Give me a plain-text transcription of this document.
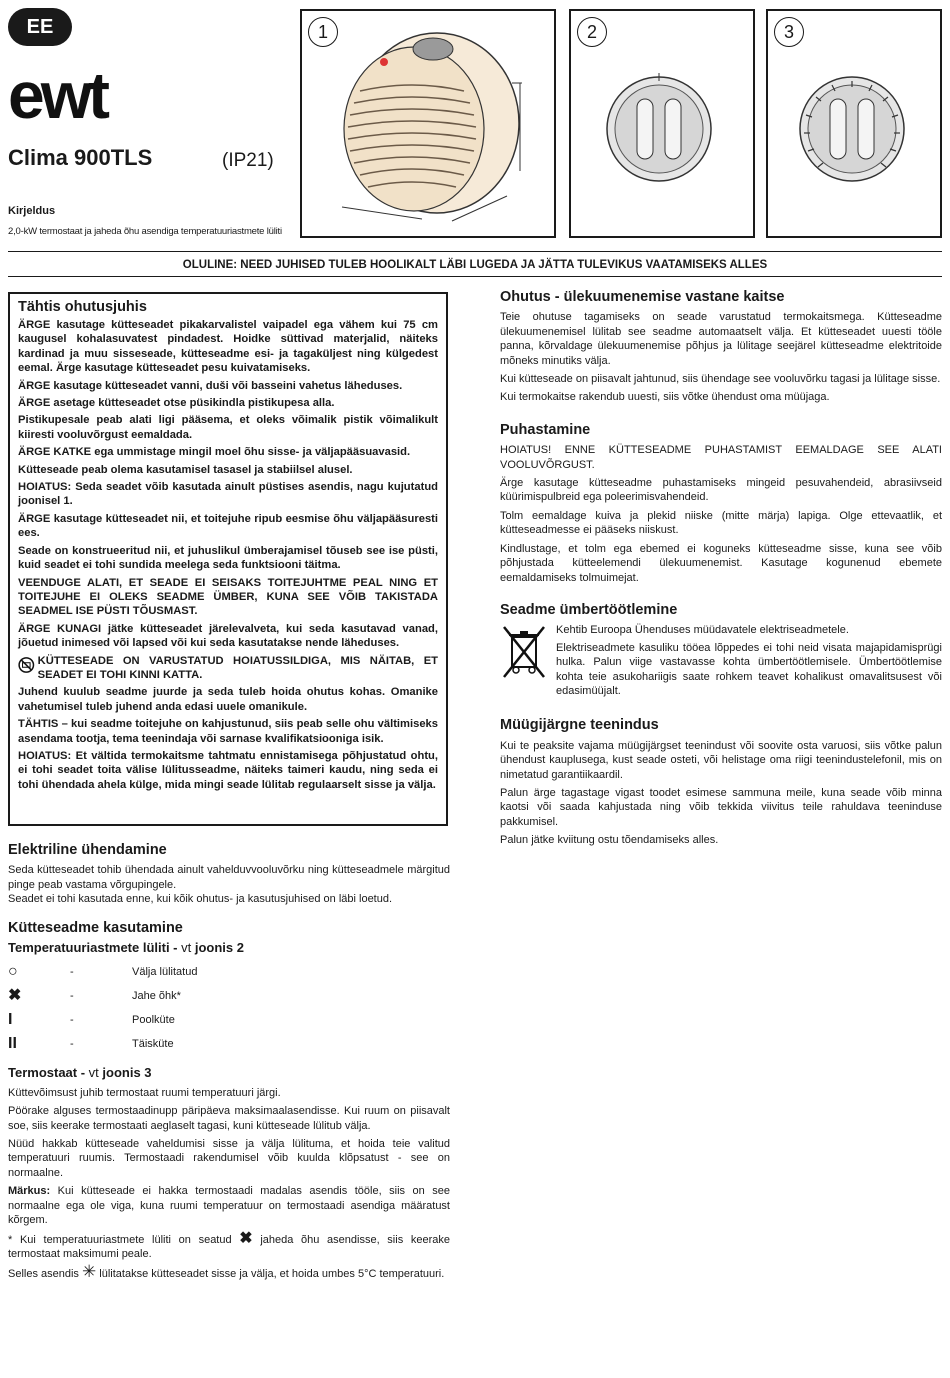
EE
ewt
Clima 900TLS	(IP21)
Kirjeldus
2,0-kW termostaat ja jaheda õhu asendiga temperatuuriastmete lüliti
1	2	3
OLULINE: NEED JUHISED TULEB HOOLIKALT LÄBI LUGEDA JA JÄTTA TULEVIKUS VAATAMISEKS ALLES
Tähtis ohutusjuhis

ÄRGE kasutage kütteseadet pikakarvalistel vaipadel ega vähem kui 75 cm kaugusel kohalasuvatest pindadest. Hoidke süttivad materjalid, näiteks kardinad ja muu sisseseade, kütteseadme esi- ja tagaküljest ning külgedest eemal. Ärge kasutage kütteseadet pesu kuivatamiseks.

ÄRGE kasutage kütteseadet vanni, duši või basseini vahetus läheduses.

ÄRGE asetage kütteseadet otse püsikindla pistikupesa alla.

Pistikupesale peab alati ligi pääsema, et oleks võimalik pistik võimalikult kiiresti vooluvõrgust eemaldada.

ÄRGE KATKE ega ummistage mingil moel õhu sisse- ja väljapääsuavasid.

Kütteseade peab olema kasutamisel tasasel ja stabiilsel alusel.

HOIATUS: Seda seadet võib kasutada ainult püstises asendis, nagu kujutatud joonisel 1.

ÄRGE kasutage kütteseadet nii, et toitejuhe ripub eesmise õhu väljapääsuresti ees.

Seade on konstrueeritud nii, et juhuslikul ümberajamisel tõuseb see ise püsti, kuid seadet ei tohi sundida meelega seda funktsiooni täitma.

VEENDUGE ALATI, ET SEADE EI SEISAKS TOITEJUHTME PEAL NING ET TOITEJUHE EI OLEKS SEADME ÜMBER, KUNA SEE VÕIB TAKISTADA SEADMEL ISE PÜSTI TÕUSMAST.

ÄRGE KUNAGI jätke kütteseadet järelevalveta, kui seda kasutavad vanad, jõuetud inimesed või lapsed või kui seda kasutatakse nende läheduses.

KÜTTESEADE ON VARUSTATUD HOIATUSSILDIGA, MIS NÄITAB, ET SEADET EI TOHI KINNI KATTA.

Juhend kuulub seadme juurde ja seda tuleb hoida ohutus kohas. Omanike vahetumisel tuleb juhend anda edasi uuele omanikule.

TÄHTIS – kui seadme toitejuhe on kahjustunud, siis peab selle ohu vältimiseks asendama tootja, tema teenindaja või sarnase kvalifikatsiooniga isik.

HOIATUS: Et vältida termokaitsme tahtmatu ennistamisega põhjustatud ohtu, ei tohi seadet toita välise lülitusseadme, näiteks taimeri kaudu, ning seda ei tohi ühendada ahela külge, mida mingi seade lülitab regulaarselt sisse ja välja.

Elektriline ühendamine

Seda kütteseadet tohib ühendada ainult vahelduvvooluvõrku ning kütteseadmele märgitud pinge peab vastama võrgupingele.

Seadet ei tohi kasutada enne, kui kõik ohutus- ja kasutusjuhised on läbi loetud.

Kütteseadme kasutamine
Temperatuuriastmete lüliti - vt joonis 2
○	-	Välja lülitatud
✖	-	Jahe õhk*
I	-	Poolküte
II	-	Täisküte
Termostaat - vt joonis 3

Küttevõimsust juhib termostaat ruumi temperatuuri järgi.

Pöörake alguses termostaadinupp päripäeva maksimaalasendisse. Kui ruum on piisavalt soe, siis keerake termostaati aeglaselt tagasi, kuni kütteseade lülitub välja.

Nüüd hakkab kütteseade vaheldumisi sisse ja välja lülituma, et hoida teie valitud temperatuuri ruumis. Termostaadi rakendumisel võib kuulda klõpsatust - see on normaalne.

Märkus: Kui kütteseade ei hakka termostaadi madalas asendis tööle, siis on see normaalne ega ole viga, kuna ruumi temperatuur on termostaadi asendiga määratust kõrgem.

* Kui temperatuuriastmete lüliti on seatud ✖ jaheda õhu asendisse, siis keerake termostaat maksimumi peale.

Selles asendis ✳ lülitatakse kütteseadet sisse ja välja, et hoida umbes 5°C temperatuuri.

Ohutus - ülekuumenemise vastane kaitse

Teie ohutuse tagamiseks on seade varustatud termokaitsmega. Kütteseadme ülekuumenemisel lülitab see seadme automaatselt välja. Et kütteseadet uuesti tööle panna, kõrvaldage ülekuumenemise põhjus ja lülitage seejärel kütteseadme elektritoide mõneks minutiks välja.

Kui kütteseade on piisavalt jahtunud, siis ühendage see vooluvõrku tagasi ja lülitage sisse.

Kui termokaitse rakendub uuesti, siis võtke ühendust oma müüjaga.

Puhastamine

HOIATUS! ENNE KÜTTESEADME PUHASTAMIST EEMALDAGE SEE ALATI VOOLUVÕRGUST.

Ärge kasutage kütteseadme puhastamiseks mingeid pesuvahendeid, abrasiivseid küürimispulbreid ega poleerimisvahendeid.

Tolm eemaldage kuiva ja plekid niiske (mitte märja) lapiga. Olge ettevaatlik, et kütteseadmesse ei pääseks niiskust.

Kindlustage, et tolm ega ebemed ei koguneks kütteseadme sisse, kuna see võib põhjustada kütteelemendi ülekuumenemist. Kasutage kogunenud ebemete eemaldamiseks tolmuimejat.

Seadme ümbertöötlemine

Kehtib Euroopa Ühenduses müüdavatele elektriseadmetele.

Elektriseadmete kasuliku tööea lõppedes ei tohi neid visata majapidamisprügi hulka. Palun viige vastavasse kohta ümbertöötlemisele. Ümbertöötlemise kohta teie asukohariigis saate rohkem teavet kohalikust omavalitsusest või edasimüüjalt.

Müügijärgne teenindus

Kui te peaksite vajama müügijärgset teenindust või soovite osta varuosi, siis võtke palun ühendust kauplusega, kust seade osteti, või helistage oma riigi teenindustelefonil, mis on nimetatud garantiikaardil.

Palun ärge tagastage vigast toodet esimese sammuna meile, kuna seade võib minna kaotsi või saada kahjustada ning võib tekkida viivitus teile rahuldava teeninduse pakkumisel.

Palun jätke kviitung ostu tõendamiseks alles.
